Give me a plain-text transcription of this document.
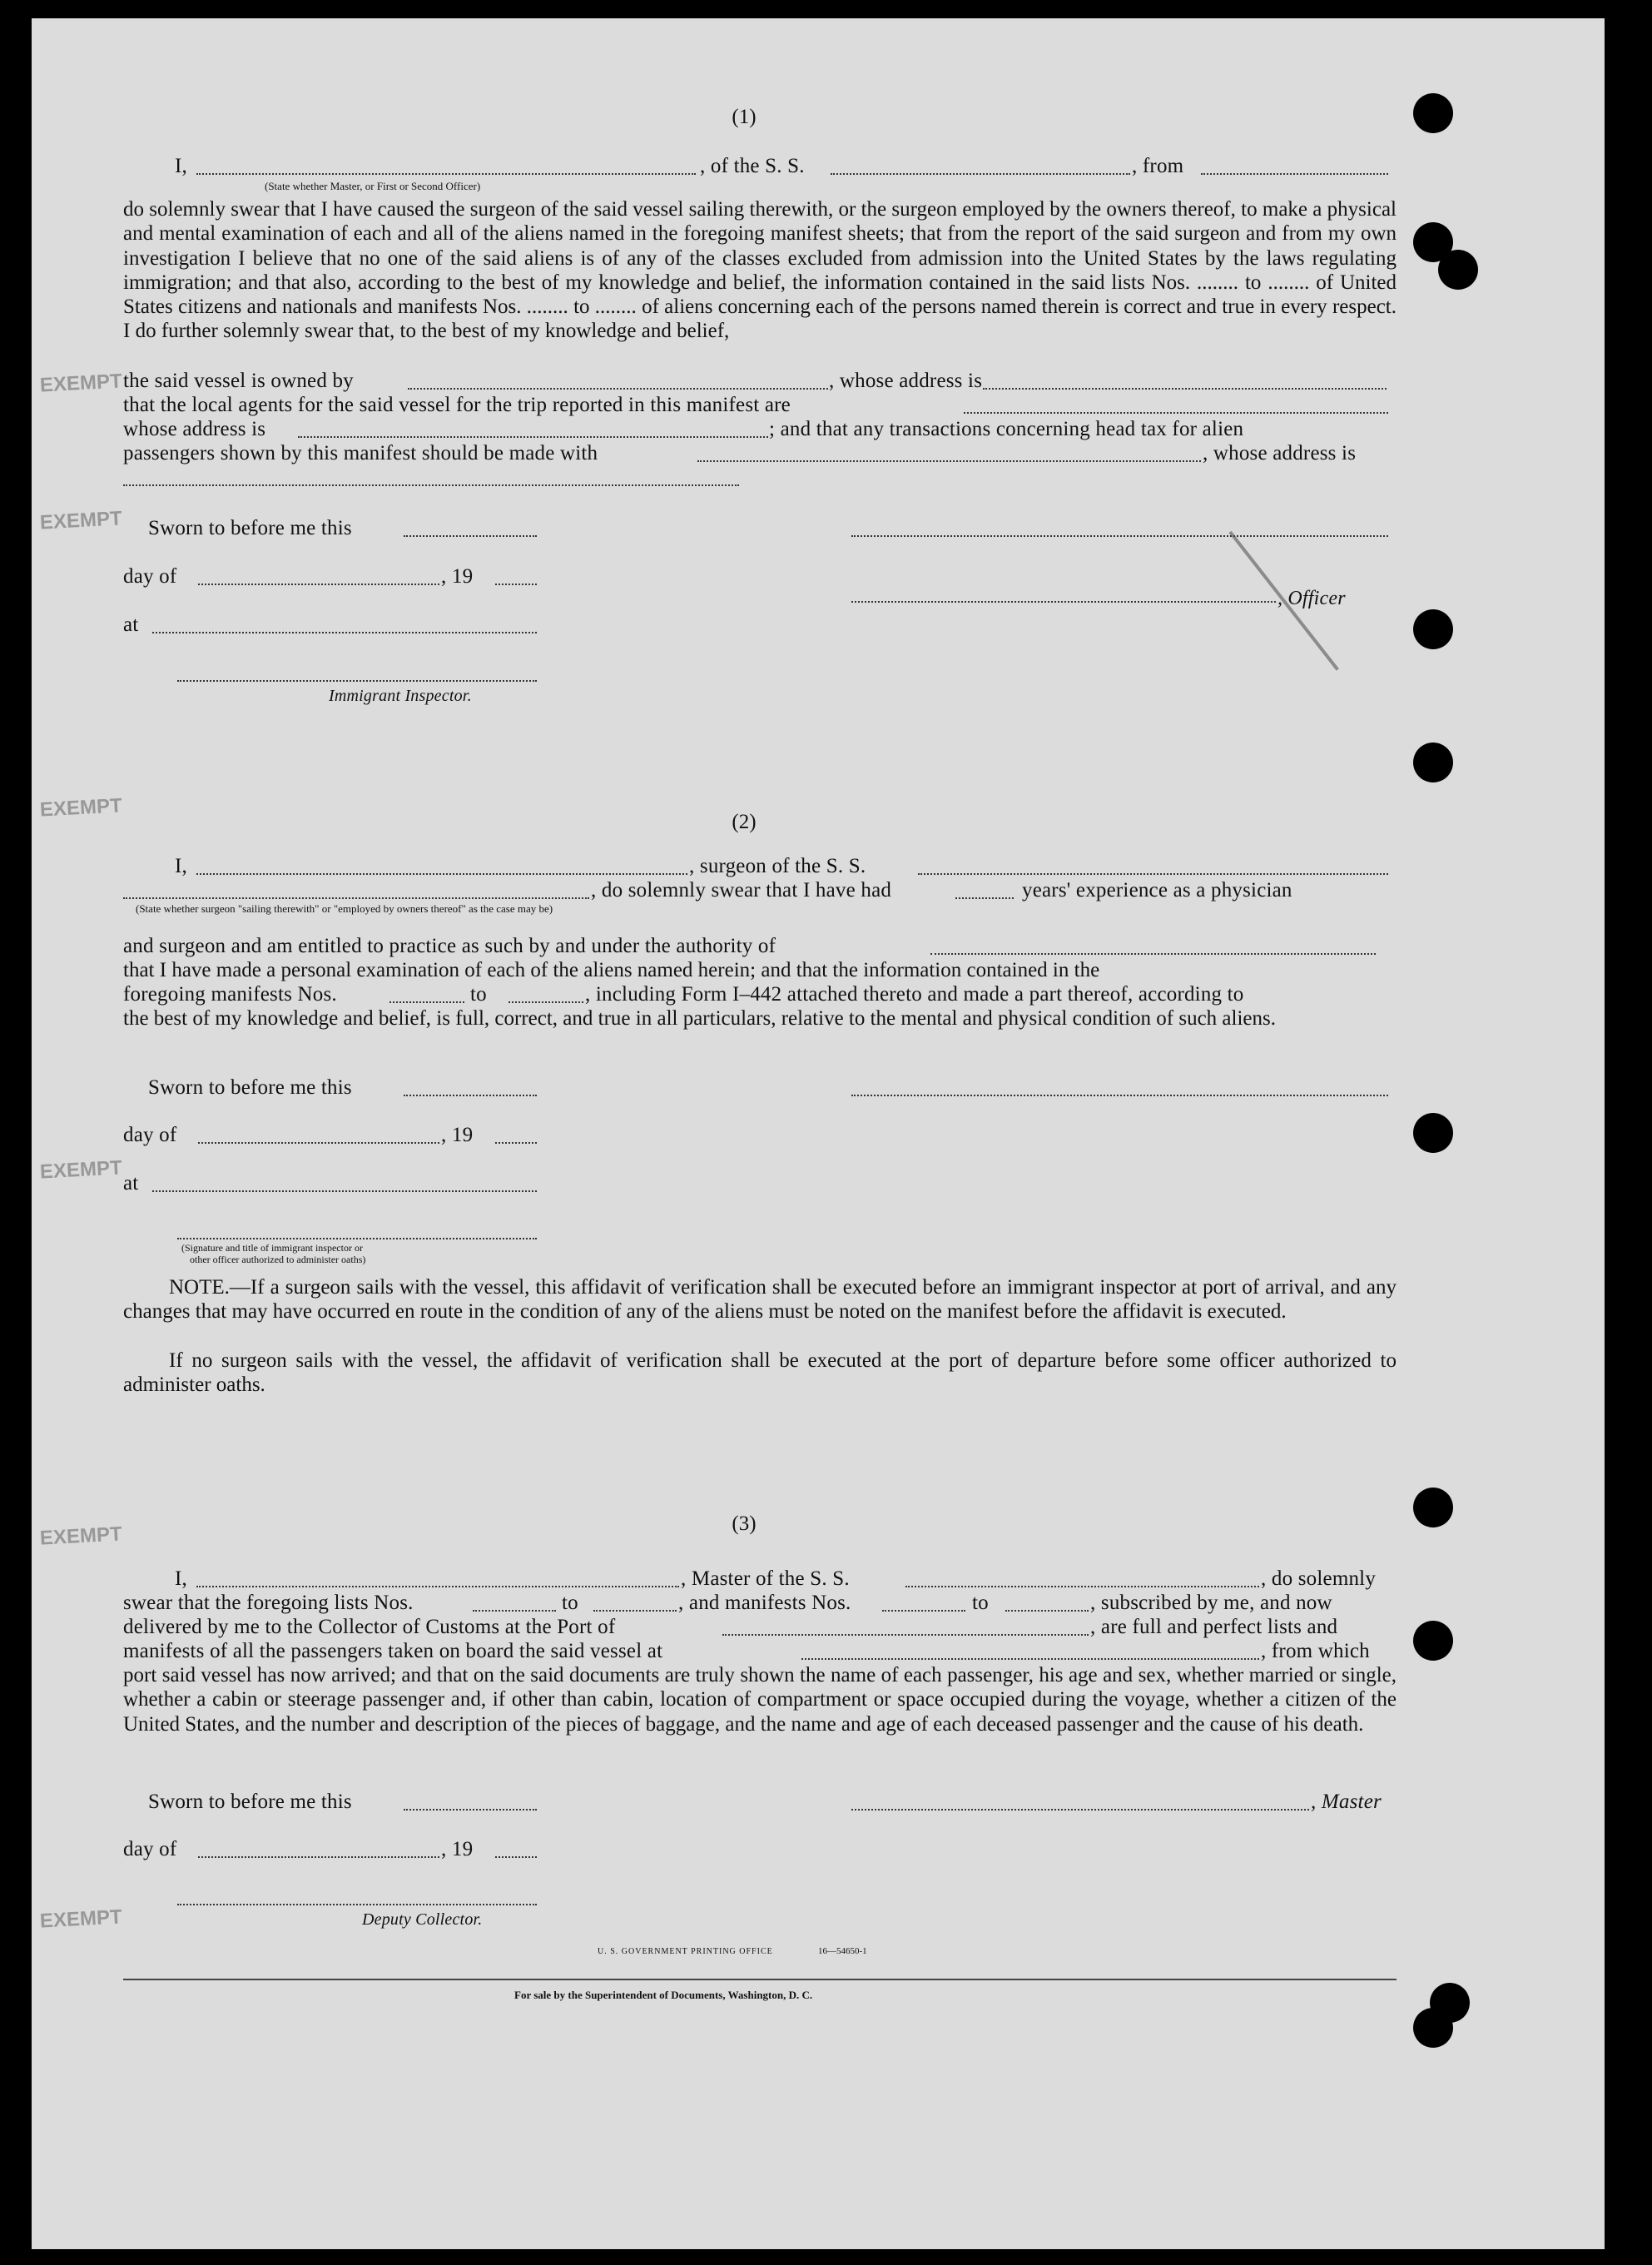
EXEMPT
EXEMPT
EXEMPT
EXEMPT
EXEMPT
EXEMPT
(1)
I,	, of the S. S.	, from
(State whether Master, or First or Second Officer)
do solemnly swear that I have caused the surgeon of the said vessel sailing therewith, or the surgeon employed by the owners thereof, to make a physical and mental examination of each and all of the aliens named in the foregoing manifest sheets; that from the report of the said surgeon and from my own investigation I believe that no one of the said aliens is of any of the classes excluded from admission into the United States by the laws regulating immigration; and that also, according to the best of my knowledge and belief, the information contained in the said lists Nos. ........ to ........ of United States citizens and nationals and manifests Nos. ........ to ........ of aliens concerning each of the persons named therein is correct and true in every respect. I do further solemnly swear that, to the best of my knowledge and belief,
the said vessel is owned by	, whose address is
that the local agents for the said vessel for the trip reported in this manifest are
whose address is	; and that any transactions concerning head tax for alien
passengers shown by this manifest should be made with	, whose address is
Sworn to before me this
day of	, 19
, Officer
at
Immigrant Inspector.
(2)
I,	, surgeon of the S. S.
, do solemnly swear that I have had	years' experience as a physician
(State whether surgeon "sailing therewith" or "employed by owners thereof" as the case may be)
and surgeon and am entitled to practice as such by and under the authority of
that I have made a personal examination of each of the aliens named herein; and that the information contained in the
foregoing manifests Nos.	to	, including Form I–442 attached thereto and made a part thereof, according to
the best of my knowledge and belief, is full, correct, and true in all particulars, relative to the mental and physical condition of such aliens.
Sworn to before me this
day of	, 19
at
(Signature and title of immigrant inspector or
other officer authorized to administer oaths)
NOTE.—If a surgeon sails with the vessel, this affidavit of verification shall be executed before an immigrant inspector at port of arrival, and any changes that may have occurred en route in the condition of any of the aliens must be noted on the manifest before the affidavit is executed.
If no surgeon sails with the vessel, the affidavit of verification shall be executed at the port of departure before some officer authorized to administer oaths.
(3)
I,	, Master of the S. S.	, do solemnly
swear that the foregoing lists Nos.	to	, and manifests Nos.	to	, subscribed by me, and now
delivered by me to the Collector of Customs at the Port of	, are full and perfect lists and
manifests of all the passengers taken on board the said vessel at	, from which
port said vessel has now arrived; and that on the said documents are truly shown the name of each passenger, his age and sex, whether married or single, whether a cabin or steerage passenger and, if other than cabin, location of compartment or space occupied during the voyage, whether a citizen of the United States, and the number and description of the pieces of baggage, and the name and age of each deceased passenger and the cause of his death.
Sworn to before me this	, Master
day of	, 19
Deputy Collector.
U. S. GOVERNMENT PRINTING OFFICE	16—54650-1
For sale by the Superintendent of Documents, Washington, D. C.
